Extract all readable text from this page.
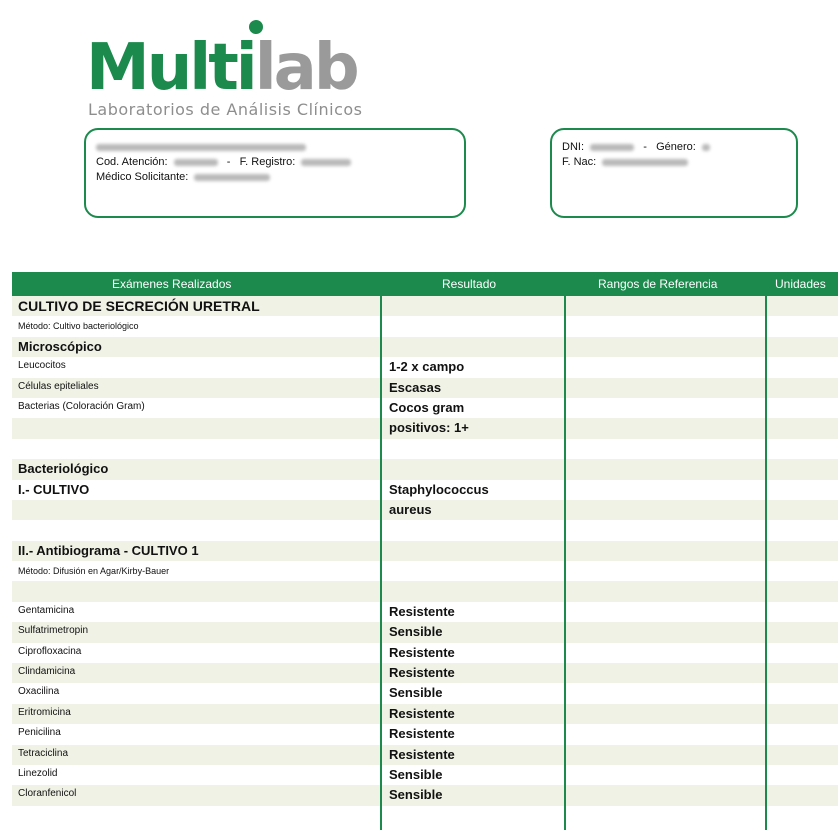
Multilab
Laboratorios de Análisis Clínicos
Cod. Atención:	- F. Registro:
Médico Solicitante:
DNI:	- Género:
F. Nac:
Exámenes Realizados	Resultado	Rangos de Referencia	Unidades
CULTIVO DE SECRECIÓN URETRAL
Método: Cultivo bacteriológico
Microscópico
Leucocitos	1-2 x campo
Células epiteliales	Escasas
Bacterias (Coloración Gram)	Cocos gram
positivos: 1+
Bacteriológico
I.- CULTIVO	Staphylococcus
aureus
II.- Antibiograma - CULTIVO 1
Método: Difusión en Agar/Kirby-Bauer
Gentamicina	Resistente
Sulfatrimetropin	Sensible
Ciprofloxacina	Resistente
Clindamicina	Resistente
Oxacilina	Sensible
Eritromicina	Resistente
Penicilina	Resistente
Tetraciclina	Resistente
Linezolid	Sensible
Cloranfenicol	Sensible
